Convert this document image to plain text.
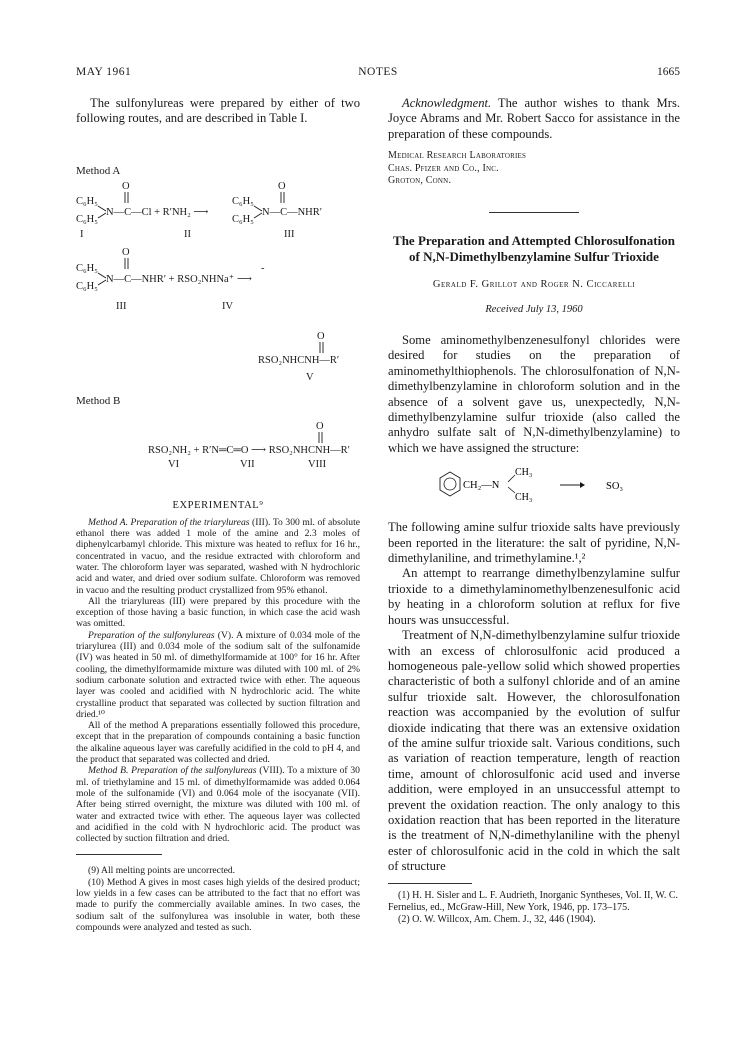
MAY 1961	NOTES	1665

The sulfonylureas were prepared by either of two following routes, and are described in Table I.

Method A

O	O
C₆H₅
C₆H₅
N—C—Cl + R′NH₂ ⟶
C₆H₅
C₆H₅
N—C—NHR′
I	II	III
O
C₆H₅
C₆H₅
-
N—C—NHR′ + RSO₂NHNa⁺ ⟶
III	IV

O
RSO₂NHCNH—R′
V

Method B

O
RSO₂NH₂ + R′N═C═O ⟶ RSO₂NHCNH—R′
VI	VII	VIII

EXPERIMENTAL⁹

Method A. Preparation of the triarylureas (III). To 300 ml. of absolute ethanol there was added 1 mole of the amine and 2.3 moles of diphenylcarbamyl chloride. This mixture was heated to reflux for 16 hr., concentrated in vacuo, and the residue extracted with chloroform and water. The chloroform layer was separated, washed with N hydrochloric acid and water, and dried over sodium sulfate. Chloroform was removed in vacuo and the resulting product crystallized from 95% ethanol.

All the triarylureas (III) were prepared by this procedure with the exception of those having a basic function, in which case the acid wash was omitted.

Preparation of the sulfonylureas (V). A mixture of 0.034 mole of the triarylurea (III) and 0.034 mole of the sodium salt of the sulfonamide (IV) was heated in 50 ml. of dimethylformamide at 100° for 16 hr. After cooling, the dimethylformamide mixture was diluted with 100 ml. of 2% sodium carbonate solution and extracted twice with ether. The aqueous layer was cooled and acidified with N hydrochloric acid. The white crystalline product that separated was collected by suction filtration and dried.¹⁰

All of the method A preparations essentially followed this procedure, except that in the preparation of compounds containing a basic function the alkaline aqueous layer was carefully acidified in the cold to pH 4, and the product that separated was collected and dried.

Method B. Preparation of the sulfonylureas (VIII). To a mixture of 30 ml. of triethylamine and 15 ml. of dimethylformamide was added 0.064 mole of the sulfonamide (VI) and 0.064 mole of the isocyanate (VII). After being stirred overnight, the mixture was diluted with 100 ml. of water and extracted twice with ether. The aqueous layer was collected and acidified in the cold with N hydrochloric acid. The product was collected by suction filtration and dried.

(9) All melting points are uncorrected.

(10) Method A gives in most cases high yields of the desired product; low yields in a few cases can be attributed to the fact that no effort was made to purify the commercially available amines. In two cases, the sodium salt of the sulfonylurea was insoluble in water, both these compounds were analyzed and tested as such.

Acknowledgment. The author wishes to thank Mrs. Joyce Abrams and Mr. Robert Sacco for assistance in the preparation of these compounds.

Medical Research Laboratories

Chas. Pfizer and Co., Inc.

Groton, Conn.

The Preparation and Attempted Chlorosulfonation of N,N-Dimethylbenzylamine Sulfur Trioxide

Gerald F. Grillot and Roger N. Ciccarelli

Received July 13, 1960

Some aminomethylbenzenesulfonyl chlorides were desired for studies on the preparation of aminomethylthiophenols. The chlorosulfonation of N,N-dimethylbenzylamine in chloroform solution and in the absence of a solvent gave us, unexpectedly, N,N-dimethylbenzylamine sulfur trioxide (also called the anhydro sulfate salt of N,N-dimethylbenzylamine) to which we have assigned the structure:

CH₂—N
CH₃
CH₃
SO₃

The following amine sulfur trioxide salts have previously been reported in the literature: the salt of pyridine, N,N-dimethylaniline, and trimethylamine.¹,²

An attempt to rearrange dimethylbenzylamine sulfur trioxide to a dimethylaminomethylbenzenesulfonic acid by heating in a chloroform solution at reflux for five hours was unsuccessful.

Treatment of N,N-dimethylbenzylamine sulfur trioxide with an excess of chlorosulfonic acid produced a homogeneous pale-yellow solid which showed properties characteristic of both a sulfonyl chloride and of an amine sulfur trioxide salt. However, the chlorosulfonation reaction was accompanied by the evolution of sulfur dioxide indicating that there was an extensive oxidation of the amine sulfur trioxide salt. Various conditions, such as variation of reaction temperature, length of reaction time, amount of chlorosulfonic acid used and inverse addition, were employed in an unsuccessful attempt to prevent the oxidation reaction. The only analogy to this oxidation reaction that has been reported in the literature is the treatment of N,N-dimethylaniline with the phenyl ester of chlorosulfonic acid in the cold in which the salt of structure

(1) H. H. Sisler and L. F. Audrieth, Inorganic Syntheses, Vol. II, W. C. Fernelius, ed., McGraw-Hill, New York, 1946, pp. 173–175.

(2) O. W. Willcox, Am. Chem. J., 32, 446 (1904).
